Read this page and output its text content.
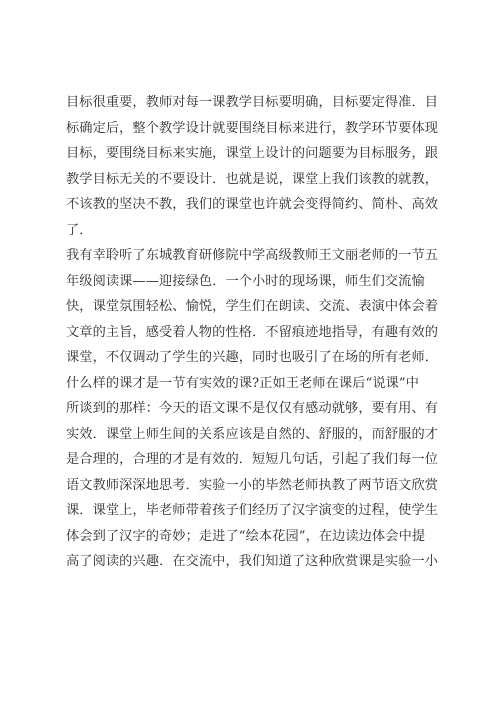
目标很重要，教师对每一课教学目标要明确，目标要定得准．目
标确定后，整个教学设计就要围绕目标来进行，教学环节要体现
目标，要围绕目标来实施，课堂上设计的问题要为目标服务，跟
教学目标无关的不要设计．也就是说，课堂上我们该教的就教，
不该教的坚决不教，我们的课堂也许就会变得简约、简朴、高效
了．
我有幸聆听了东城教育研修院中学高级教师王文丽老师的一节五
年级阅读课——迎接绿色．一个小时的现场课，师生们交流愉
快，课堂氛围轻松、愉悦，学生们在朗读、交流、表演中体会着
文章的主旨，感受着人物的性格．不留痕迹地指导，有趣有效的
课堂，不仅调动了学生的兴趣，同时也吸引了在场的所有老师．
什么样的课才是一节有实效的课?正如王老师在课后“说课”中
所谈到的那样：今天的语文课不是仅仅有感动就够，要有用、有
实效．课堂上师生间的关系应该是自然的、舒服的，而舒服的才
是合理的，合理的才是有效的．短短几句话，引起了我们每一位
语文教师深深地思考．实验一小的毕然老师执教了两节语文欣赏
课．课堂上，毕老师带着孩子们经历了汉字演变的过程，使学生
体会到了汉字的奇妙；走进了“绘本花园”，在边读边体会中提
高了阅读的兴趣．在交流中，我们知道了这种欣赏课是实验一小
